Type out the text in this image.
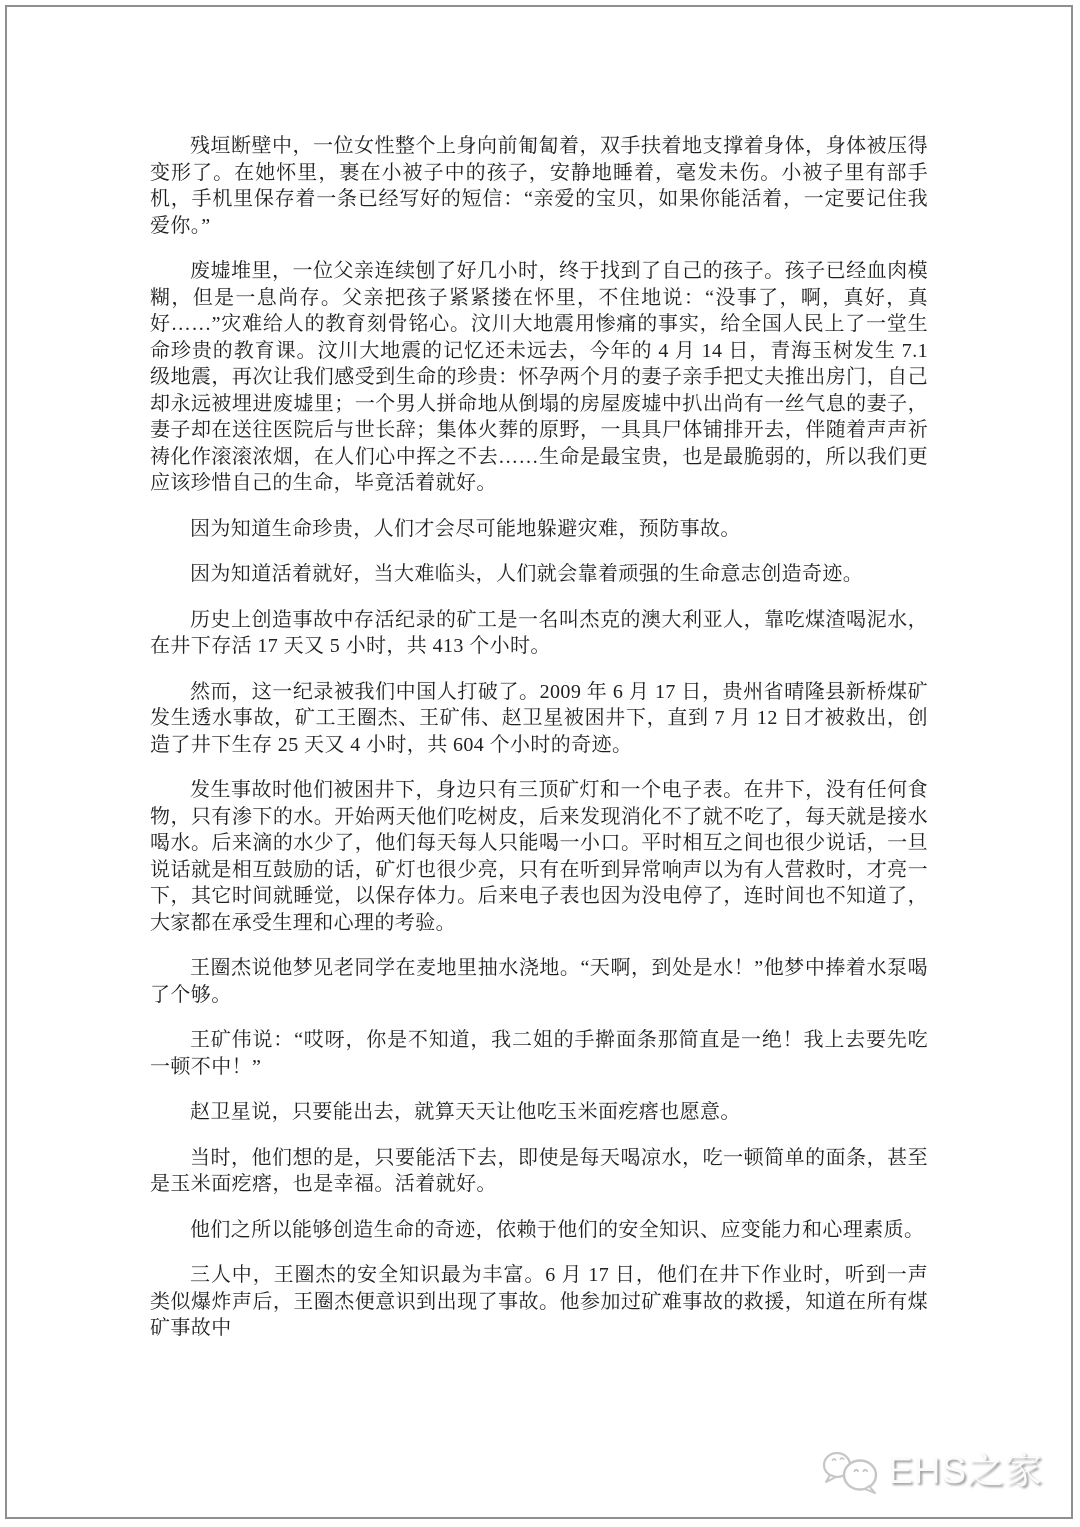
残垣断壁中，一位女性整个上身向前匍匐着，双手扶着地支撑着身体，身体被压得变形了。在她怀里，裹在小被子中的孩子，安静地睡着，毫发未伤。小被子里有部手机，手机里保存着一条已经写好的短信：“亲爱的宝贝，如果你能活着，一定要记住我爱你。”

废墟堆里，一位父亲连续刨了好几小时，终于找到了自己的孩子。孩子已经血肉模糊，但是一息尚存。父亲把孩子紧紧搂在怀里，不住地说：“没事了，啊，真好，真好……”灾难给人的教育刻骨铭心。汶川大地震用惨痛的事实，给全国人民上了一堂生命珍贵的教育课。汶川大地震的记忆还未远去，今年的 4 月 14 日，青海玉树发生 7.1 级地震，再次让我们感受到生命的珍贵：怀孕两个月的妻子亲手把丈夫推出房门，自己却永远被埋进废墟里；一个男人拼命地从倒塌的房屋废墟中扒出尚有一丝气息的妻子，妻子却在送往医院后与世长辞；集体火葬的原野，一具具尸体铺排开去，伴随着声声祈祷化作滚滚浓烟，在人们心中挥之不去……生命是最宝贵，也是最脆弱的，所以我们更应该珍惜自己的生命，毕竟活着就好。

因为知道生命珍贵，人们才会尽可能地躲避灾难，预防事故。

因为知道活着就好，当大难临头，人们就会靠着顽强的生命意志创造奇迹。

历史上创造事故中存活纪录的矿工是一名叫杰克的澳大利亚人，靠吃煤渣喝泥水，在井下存活 17 天又 5 小时，共 413 个小时。

然而，这一纪录被我们中国人打破了。2009 年 6 月 17 日，贵州省晴隆县新桥煤矿发生透水事故，矿工王圈杰、王矿伟、赵卫星被困井下，直到 7 月 12 日才被救出，创造了井下生存 25 天又 4 小时，共 604 个小时的奇迹。

发生事故时他们被困井下，身边只有三顶矿灯和一个电子表。在井下，没有任何食物，只有渗下的水。开始两天他们吃树皮，后来发现消化不了就不吃了，每天就是接水喝水。后来滴的水少了，他们每天每人只能喝一小口。平时相互之间也很少说话，一旦说话就是相互鼓励的话，矿灯也很少亮，只有在听到异常响声以为有人营救时，才亮一下，其它时间就睡觉，以保存体力。后来电子表也因为没电停了，连时间也不知道了，大家都在承受生理和心理的考验。

王圈杰说他梦见老同学在麦地里抽水浇地。“天啊，到处是水！”他梦中捧着水泵喝了个够。

王矿伟说：“哎呀，你是不知道，我二姐的手擀面条那简直是一绝！我上去要先吃一顿不中！”

赵卫星说，只要能出去，就算天天让他吃玉米面疙瘩也愿意。

当时，他们想的是，只要能活下去，即使是每天喝凉水，吃一顿简单的面条，甚至是玉米面疙瘩，也是幸福。活着就好。

他们之所以能够创造生命的奇迹，依赖于他们的安全知识、应变能力和心理素质。

三人中，王圈杰的安全知识最为丰富。6 月 17 日，他们在井下作业时，听到一声类似爆炸声后，王圈杰便意识到出现了事故。他参加过矿难事故的救援，知道在所有煤矿事故中

EHS之家
